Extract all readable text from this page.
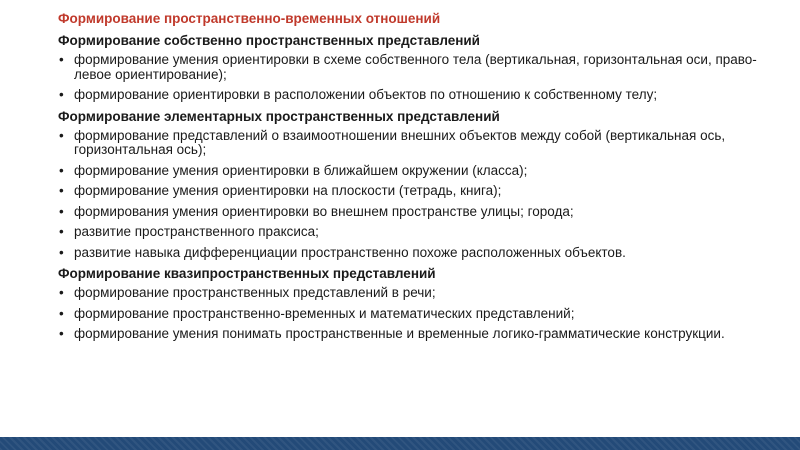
Формирование пространственно-временных отношений
Формирование собственно пространственных представлений
• формирование умения ориентировки в схеме собственного тела (вертикальная, горизонтальная оси, право-левое ориентирование);
• формирование ориентировки в расположении объектов по отношению к собственному телу;
Формирование элементарных пространственных представлений
• формирование представлений о взаимоотношении внешних объектов между собой (вертикальная ось, горизонтальная ось);
• формирование умения ориентировки в ближайшем окружении (класса);
• формирование умения ориентировки на плоскости (тетрадь, книга);
• формирования умения ориентировки во внешнем пространстве улицы; города;
• развитие пространственного праксиса;
• развитие навыка дифференциации пространственно похоже расположенных объектов.
Формирование квазипространственных представлений
• формирование пространственных представлений в речи;
• формирование пространственно-временных и математических представлений;
• формирование умения понимать пространственные и временные логико-грамматические конструкции.
